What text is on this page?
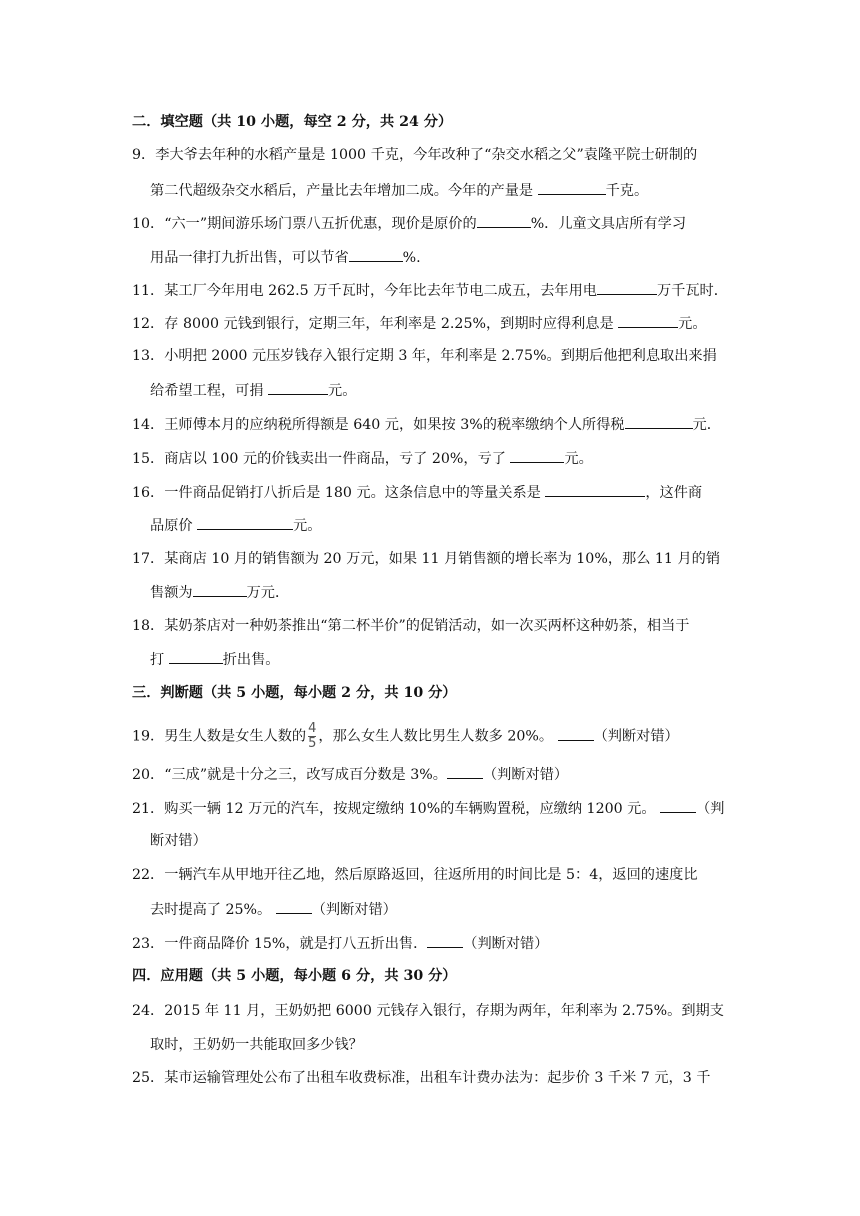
二．填空题（共 10 小题，每空 2 分，共 24 分）
9．李大爷去年种的水稻产量是 1000 千克，今年改种了“杂交水稻之父”袁隆平院士研制的
第二代超级杂交水稻后，产量比去年增加二成。今年的产量是	千克。
10．“六一”期间游乐场门票八五折优惠，现价是原价的	%．儿童文具店所有学习
用品一律打九折出售，可以节省	%.
11．某工厂今年用电 262.5 万千瓦时，今年比去年节电二成五，去年用电	万千瓦时．
12．存 8000 元钱到银行，定期三年，年利率是 2.25%，到期时应得利息是	元。
13．小明把 2000 元压岁钱存入银行定期 3 年，年利率是 2.75%。到期后他把利息取出来捐
给希望工程，可捐	元。
14．王师傅本月的应纳税所得额是 640 元，如果按 3%的税率缴纳个人所得税	元．
15．商店以 100 元的价钱卖出一件商品，亏了 20%，亏了	元。
16．一件商品促销打八折后是 180 元。这条信息中的等量关系是	，这件商
品原价	元。
17．某商店 10 月的销售额为 20 万元，如果 11 月销售额的增长率为 10%，那么 11 月的销
售额为	万元．
18．某奶茶店对一种奶茶推出“第二杯半价”的促销活动，如一次买两杯这种奶茶，相当于
打	折出售。
三．判断题（共 5 小题，每小题 2 分，共 10 分）
19．男生人数是女生人数的 $\frac{4}{5}$ ，那么女生人数比男生人数多 20%。	（判断对错）
20．“三成”就是十分之三，改写成百分数是 3%。	（判断对错）
21．购买一辆 12 万元的汽车，按规定缴纳 10%的车辆购置税，应缴纳 1200 元。	（判
断对错）
22．一辆汽车从甲地开往乙地，然后原路返回，往返所用的时间比是 5：4，返回的速度比
去时提高了 25%。	（判断对错）
23．一件商品降价 15%，就是打八五折出售．	（判断对错）
四．应用题（共 5 小题，每小题 6 分，共 30 分）
24．2015 年 11 月，王奶奶把 6000 元钱存入银行，存期为两年，年利率为 2.75%。到期支
取时，王奶奶一共能取回多少钱？
25．某市运输管理处公布了出租车收费标准，出租车计费办法为：起步价 3 千米 7 元，3 千
